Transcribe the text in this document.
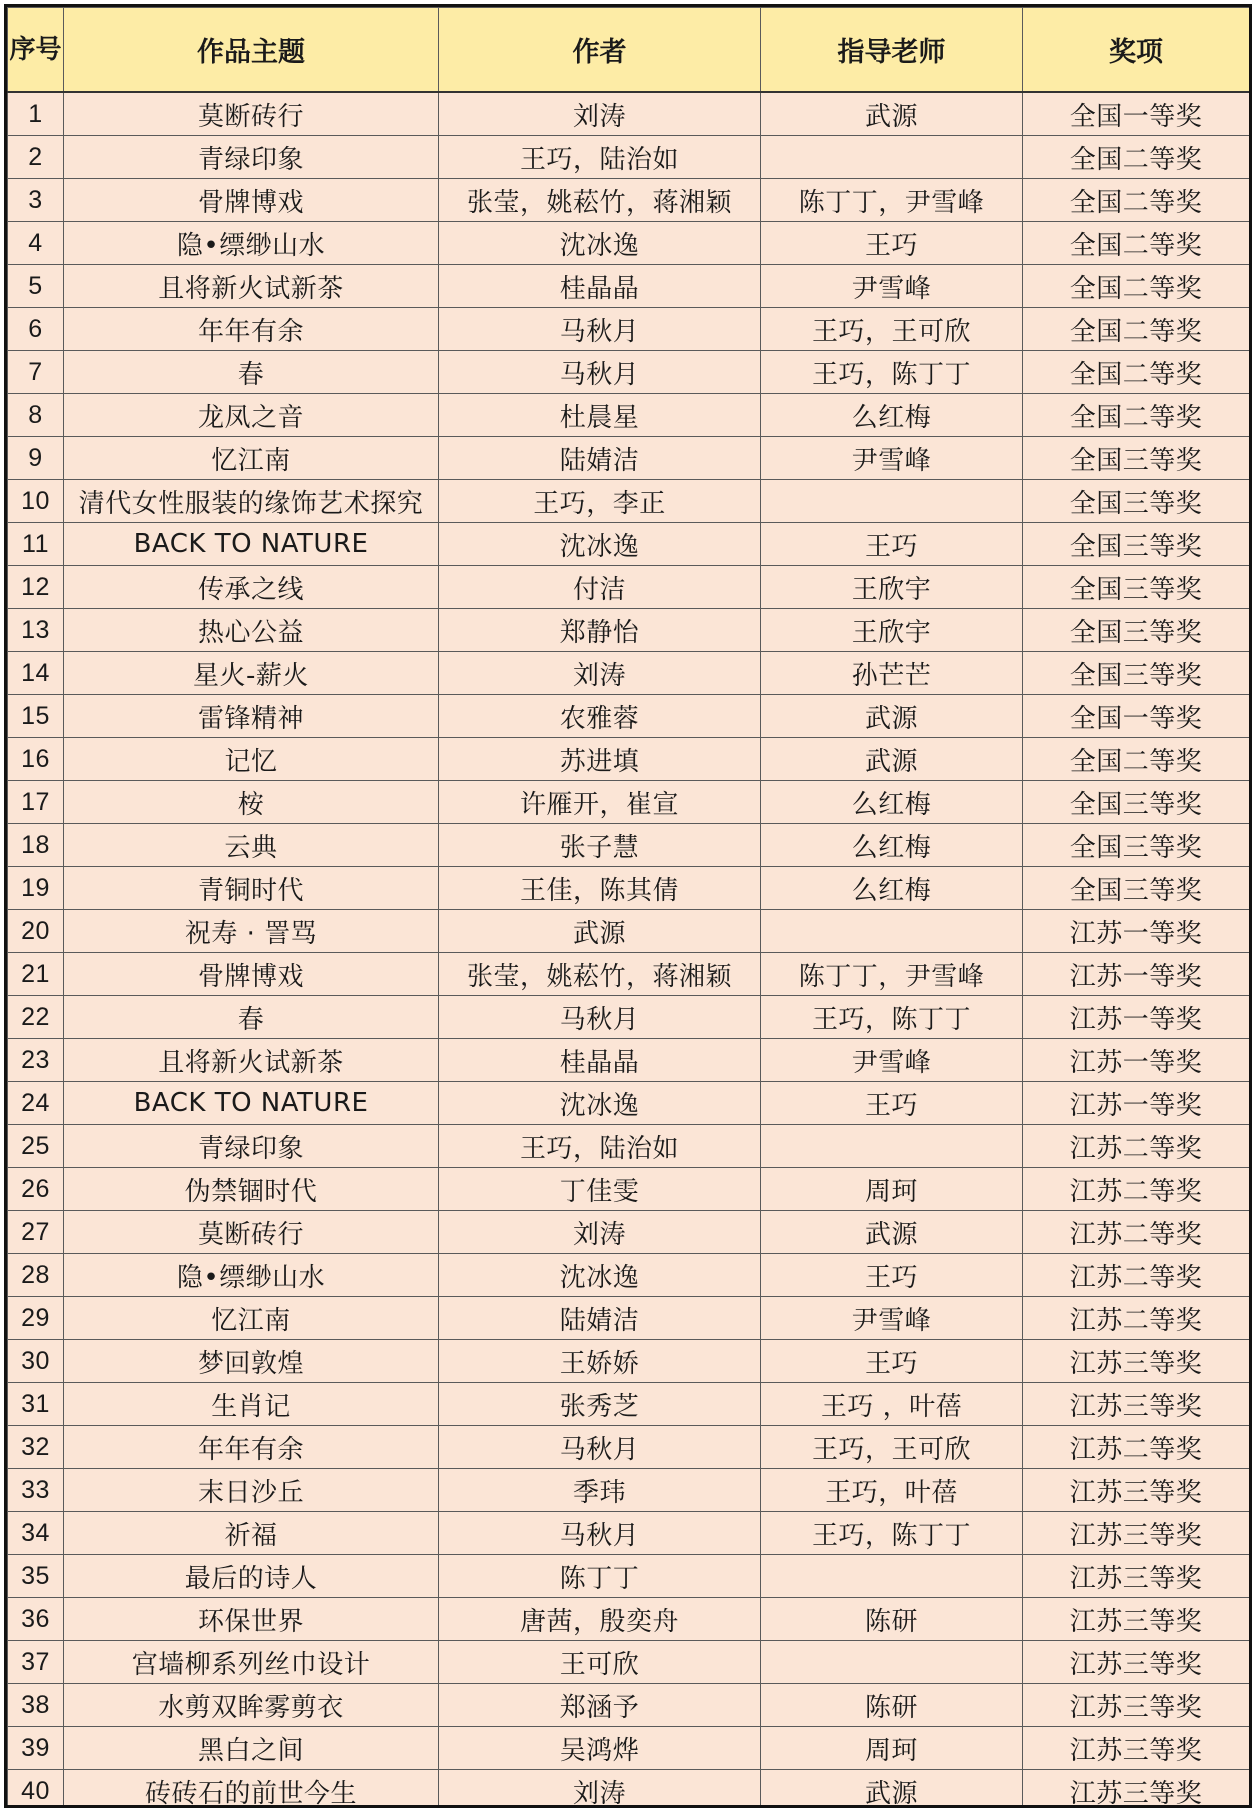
序号	作品主题	作者	指导老师	奖项
1	莫断砖行	刘涛	武源	全国一等奖
2	青绿印象	王巧，陆治如		全国二等奖
3	骨牌博戏	张莹，姚菘竹，蒋湘颖	陈丁丁，尹雪峰	全国二等奖
4	隐•缥缈山水	沈冰逸	王巧	全国二等奖
5	且将新火试新茶	桂晶晶	尹雪峰	全国二等奖
6	年年有余	马秋月	王巧，王可欣	全国二等奖
7	春	马秋月	王巧，陈丁丁	全国二等奖
8	龙凤之音	杜晨星	么红梅	全国二等奖
9	忆江南	陆婧洁	尹雪峰	全国三等奖
10	清代女性服装的缘饰艺术探究	王巧，李正		全国三等奖
11	BACK TO NATURE	沈冰逸	王巧	全国三等奖
12	传承之线	付洁	王欣宇	全国三等奖
13	热心公益	郑静怡	王欣宇	全国三等奖
14	星火-薪火	刘涛	孙芒芒	全国三等奖
15	雷锋精神	农雅蓉	武源	全国一等奖
16	记忆	苏进填	武源	全国二等奖
17	桉	许雁开，崔宣	么红梅	全国三等奖
18	云典	张子慧	么红梅	全国三等奖
19	青铜时代	王佳，陈其倩	么红梅	全国三等奖
20	祝寿 · 詈骂	武源		江苏一等奖
21	骨牌博戏	张莹，姚菘竹，蒋湘颖	陈丁丁，尹雪峰	江苏一等奖
22	春	马秋月	王巧，陈丁丁	江苏一等奖
23	且将新火试新茶	桂晶晶	尹雪峰	江苏一等奖
24	BACK TO NATURE	沈冰逸	王巧	江苏一等奖
25	青绿印象	王巧，陆治如		江苏二等奖
26	伪禁锢时代	丁佳雯	周珂	江苏二等奖
27	莫断砖行	刘涛	武源	江苏二等奖
28	隐•缥缈山水	沈冰逸	王巧	江苏二等奖
29	忆江南	陆婧洁	尹雪峰	江苏二等奖
30	梦回敦煌	王娇娇	王巧	江苏三等奖
31	生肖记	张秀芝	王巧 ，叶蓓	江苏三等奖
32	年年有余	马秋月	王巧，王可欣	江苏二等奖
33	末日沙丘	季玮	王巧，叶蓓	江苏三等奖
34	祈福	马秋月	王巧，陈丁丁	江苏三等奖
35	最后的诗人	陈丁丁		江苏三等奖
36	环保世界	唐茜，殷奕舟	陈研	江苏三等奖
37	宫墙柳系列丝巾设计	王可欣		江苏三等奖
38	水剪双眸雾剪衣	郑涵予	陈研	江苏三等奖
39	黑白之间	吴鸿烨	周珂	江苏三等奖
40	砖砖石的前世今生	刘涛	武源	江苏三等奖
